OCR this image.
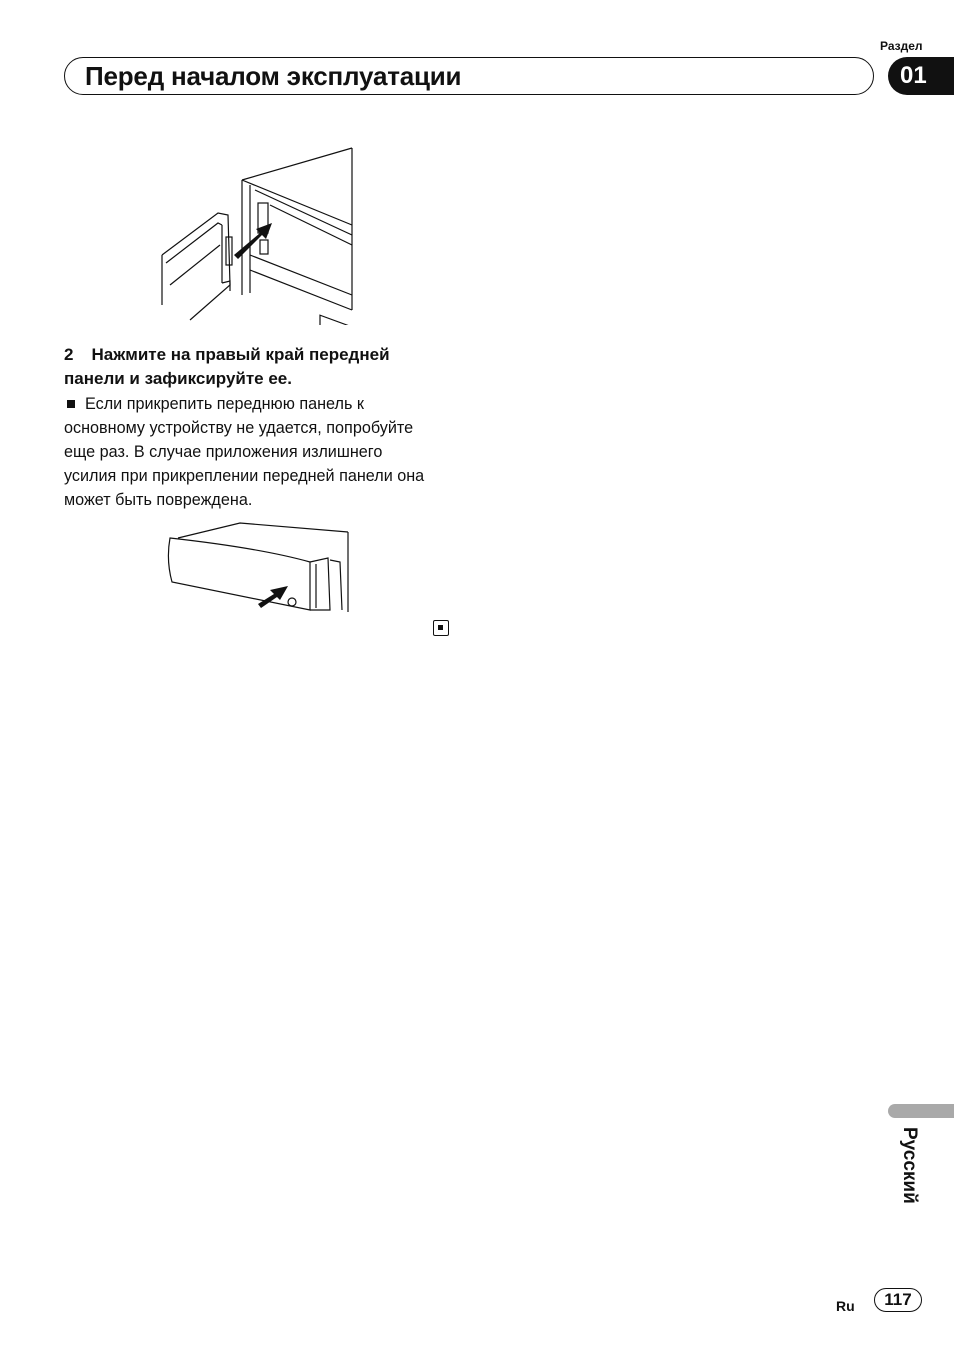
Раздел
Перед началом эксплуатации	01
2 Нажмите на правый край передней панели и зафиксируйте ее.
Если прикрепить переднюю панель к основному устройству не удается, попробуйте еще раз. В случае приложения излишнего усилия при прикреплении передней панели она может быть повреждена.
Русский
Ru	117
